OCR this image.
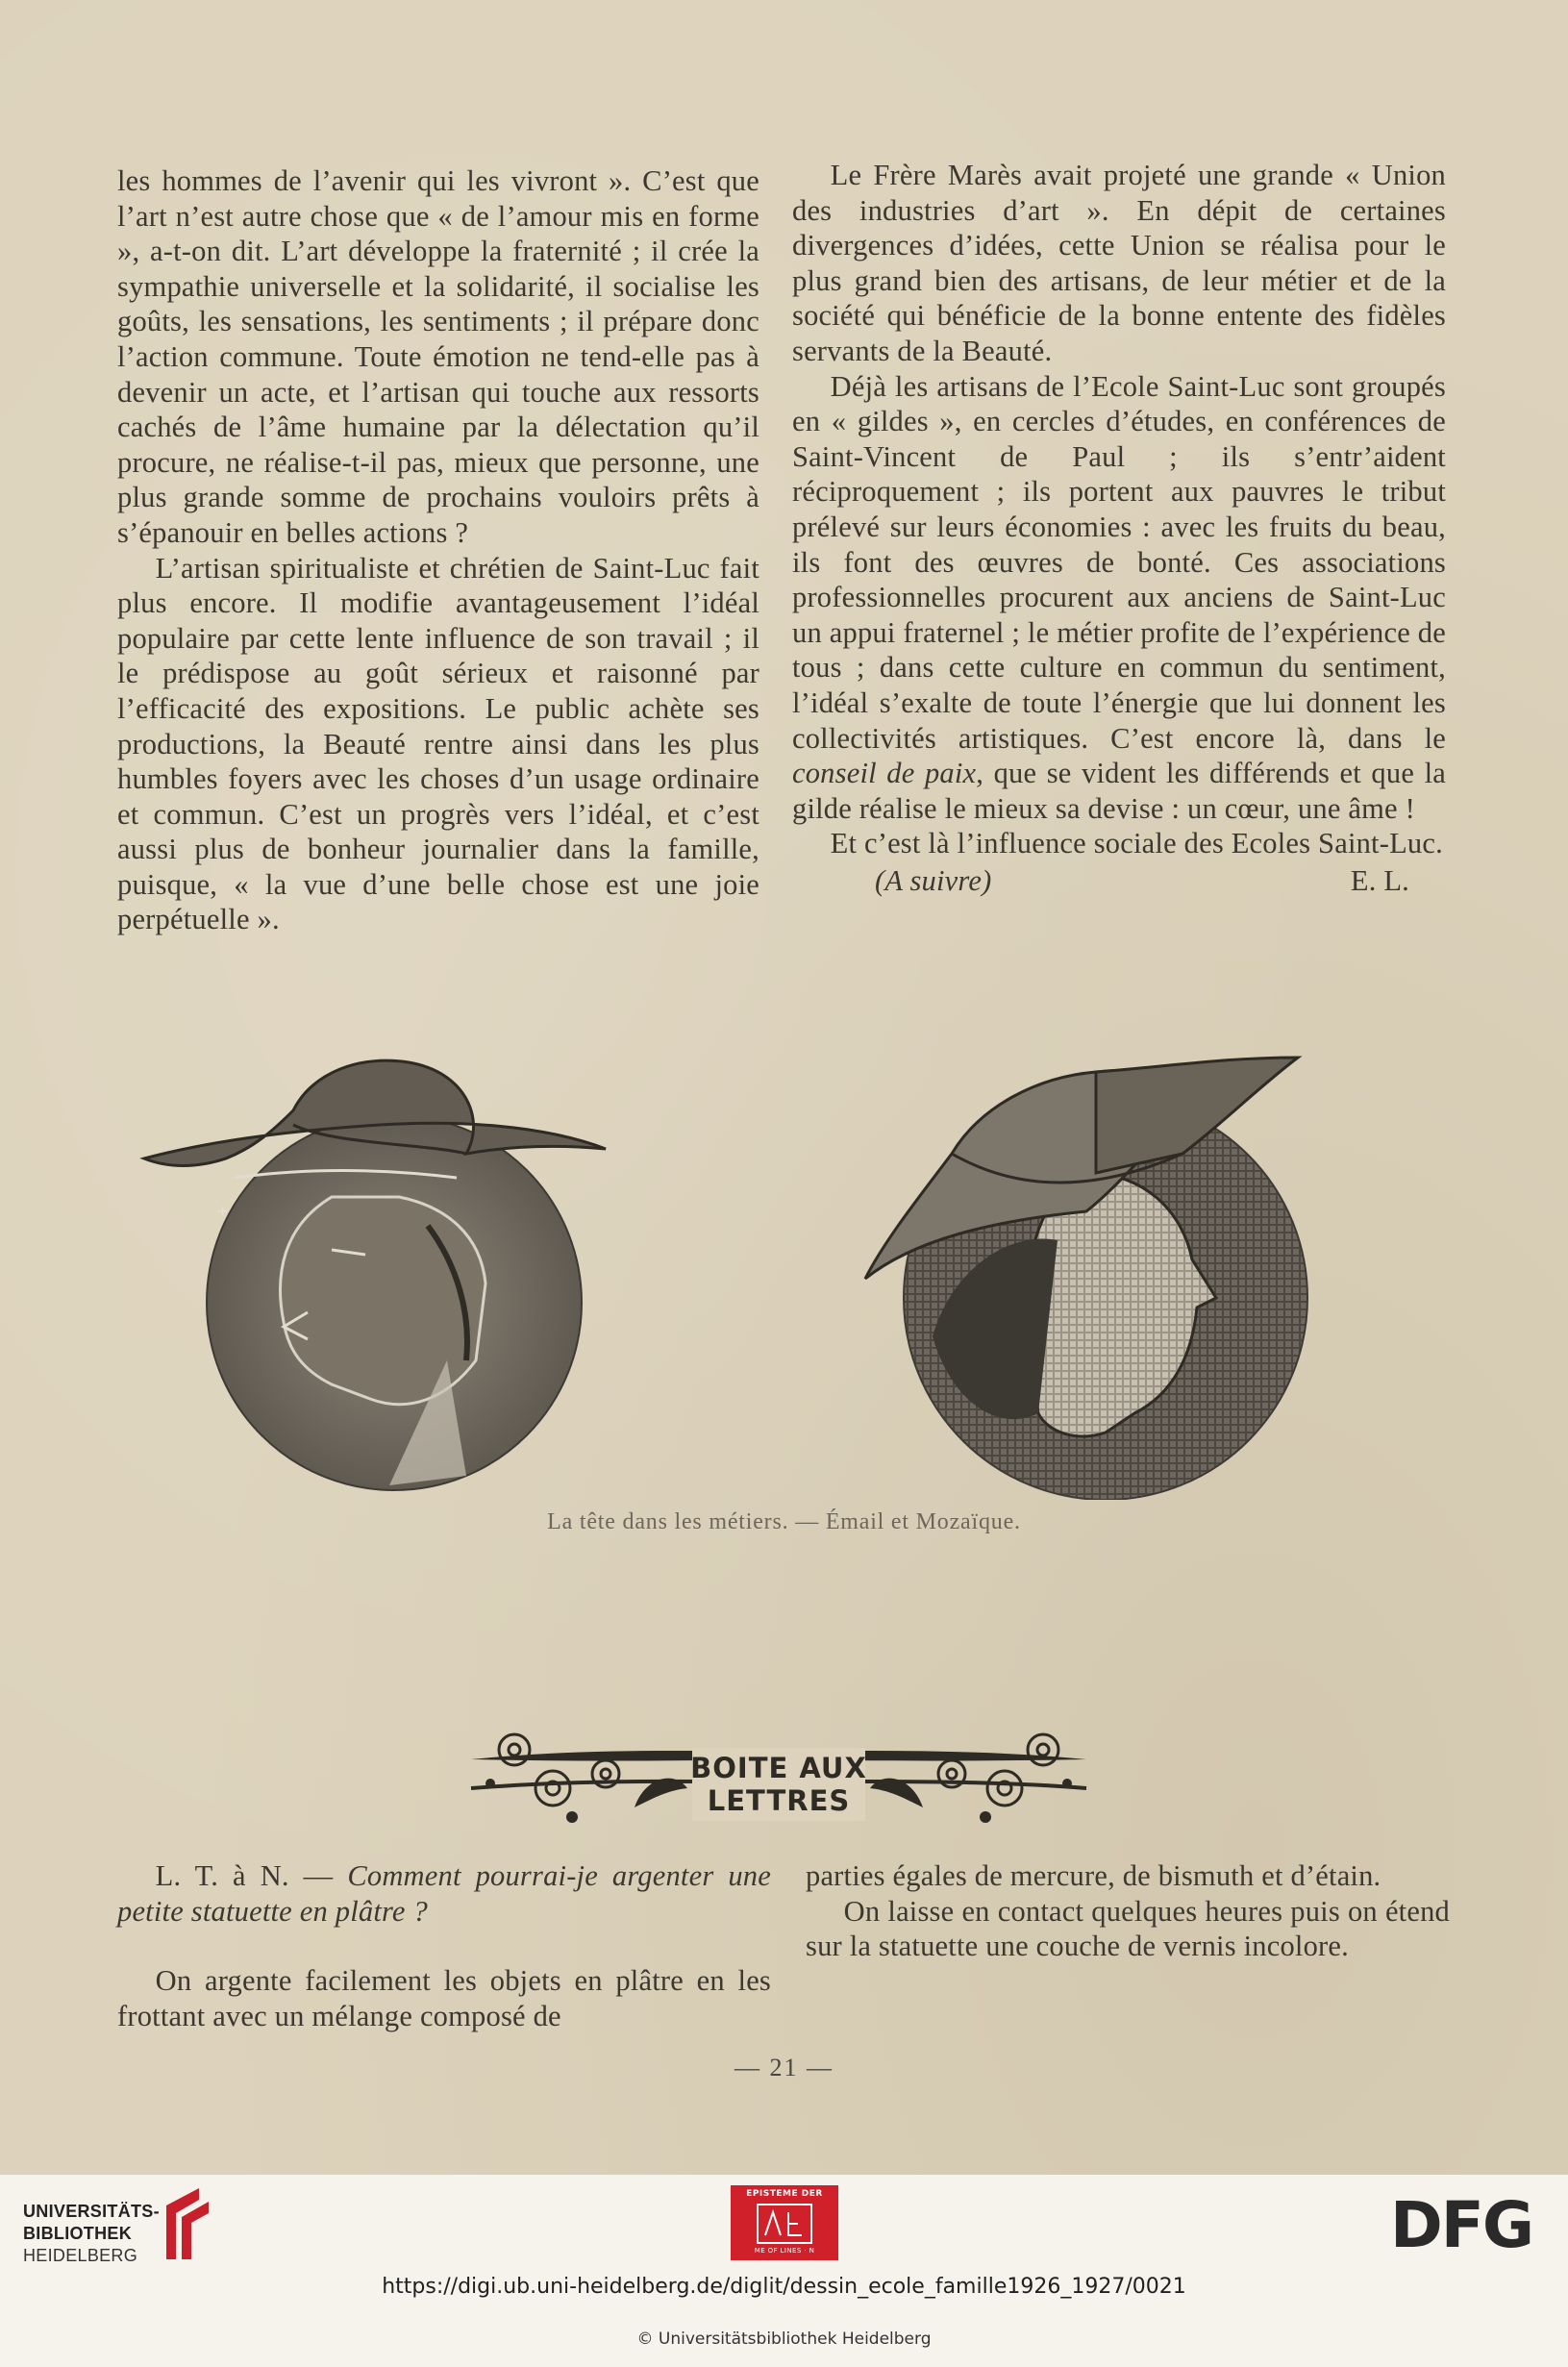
les hommes de l’avenir qui les vivront ». C’est que l’art n’est autre chose que « de l’amour mis en forme », a-t-on dit. L’art développe la fraternité ; il crée la sympathie universelle et la solidarité, il socialise les goûts, les sensations, les sentiments ; il prépare donc l’action commune. Toute émotion ne tend-elle pas à devenir un acte, et l’artisan qui touche aux ressorts cachés de l’âme humaine par la délectation qu’il procure, ne réalise-t-il pas, mieux que personne, une plus grande somme de prochains vouloirs prêts à s’épanouir en belles actions ?

L’artisan spiritualiste et chrétien de Saint-Luc fait plus encore. Il modifie avantageusement l’idéal populaire par cette lente influence de son travail ; il le prédispose au goût sérieux et raisonné par l’efficacité des expositions. Le public achète ses productions, la Beauté rentre ainsi dans les plus humbles foyers avec les choses d’un usage ordinaire et commun. C’est un progrès vers l’idéal, et c’est aussi plus de bonheur journalier dans la famille, puisque, « la vue d’une belle chose est une joie perpétuelle ».

Le Frère Marès avait projeté une grande « Union des industries d’art ». En dépit de certaines divergences d’idées, cette Union se réalisa pour le plus grand bien des artisans, de leur métier et de la société qui bénéficie de la bonne entente des fidèles servants de la Beauté.

Déjà les artisans de l’Ecole Saint-Luc sont groupés en « gildes », en cercles d’études, en conférences de Saint-Vincent de Paul ; ils s’entr’aident réciproquement ; ils portent aux pauvres le tribut prélevé sur leurs économies : avec les fruits du beau, ils font des œuvres de bonté. Ces associations professionnelles procurent aux anciens de Saint-Luc un appui fraternel ; le métier profite de l’expérience de tous ; dans cette culture en commun du sentiment, l’idéal s’exalte de toute l’énergie que lui donnent les collectivités artistiques. C’est encore là, dans le conseil de paix, que se vident les différends et que la gilde réalise le mieux sa devise : un cœur, une âme !

Et c’est là l’influence sociale des Ecoles Saint-Luc.

(A suivre)	E. L.
+
La tête dans les métiers. — Émail et Mozaïque.
BOITE AUX
LETTRES

L. T. à N. — Comment pourrai-je argenter une petite statuette en plâtre ?

On argente facilement les objets en plâtre en les frottant avec un mélange composé de

parties égales de mercure, de bismuth et d’étain.

On laisse en contact quelques heures puis on étend sur la statuette une couche de vernis incolore.

— 21 —
UNIVERSITÄTS-
BIBLIOTHEK
HEIDELBERG
EPISTEME DER
ME OF LINES · N	DFG
https://digi.ub.uni-heidelberg.de/diglit/dessin_ecole_famille1926_1927/0021
© Universitätsbibliothek Heidelberg
